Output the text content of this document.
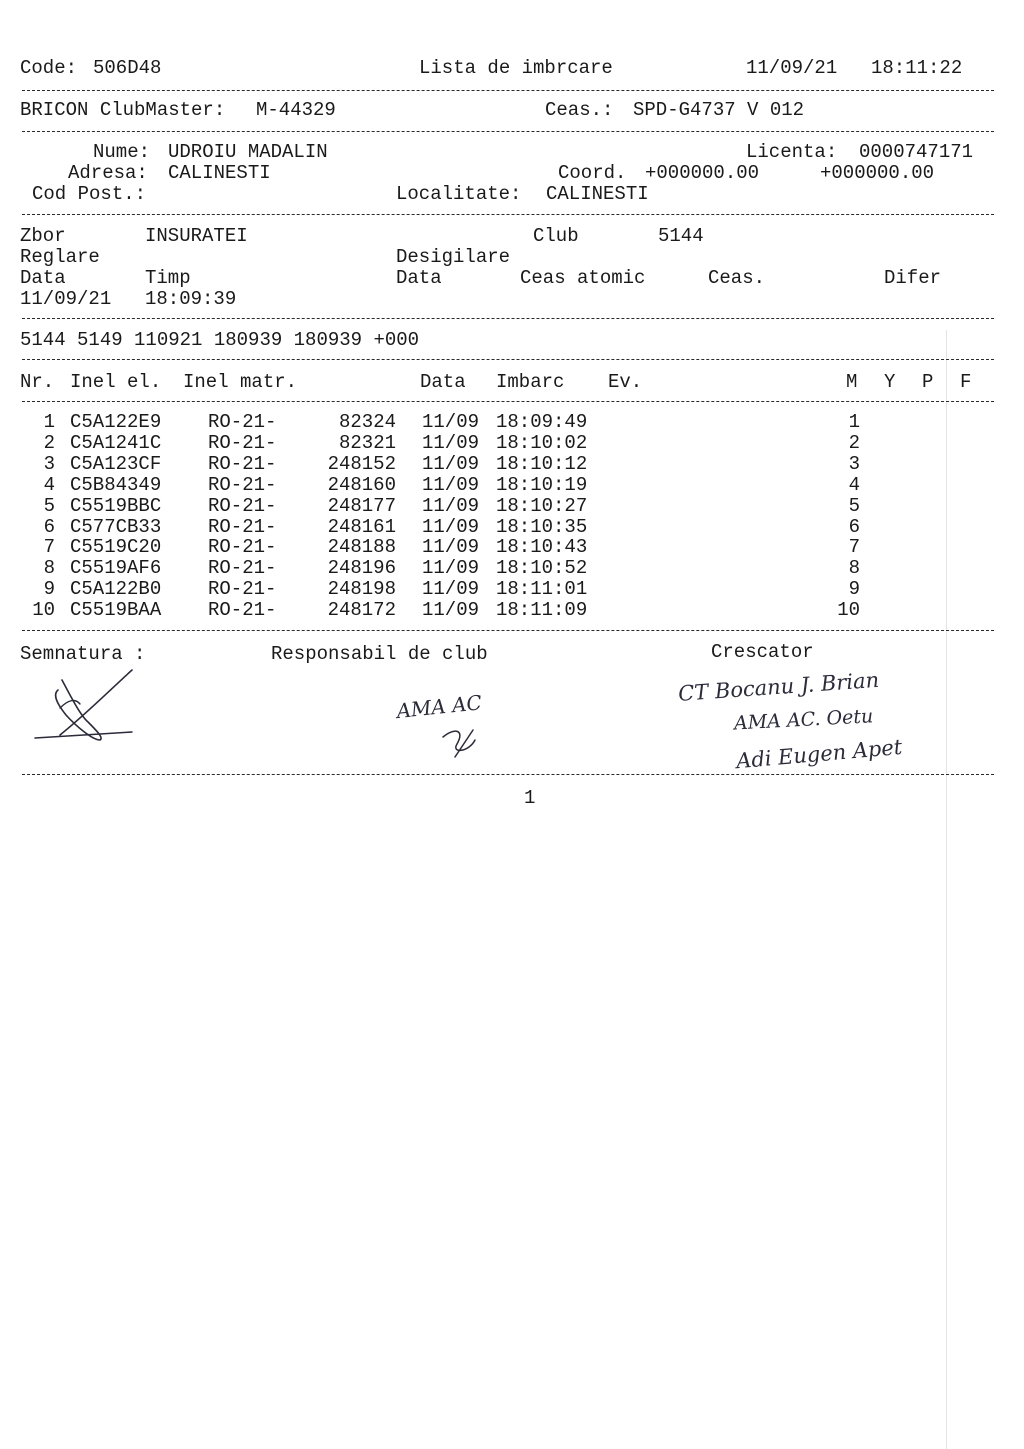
Code: 506D48	Lista de imbrcare	11/09/21 18:11:22
BRICON ClubMaster: M-44329	Ceas.: SPD-G4737 V 012
Nume: UDROIU MADALIN	Licenta: 0000747171
Adresa: CALINESTI	Coord. +000000.00	+000000.00
Cod Post.:	Localitate: CALINESTI
Zbor	INSURATEI	Club	5144
Reglare	Desigilare
Data	Timp	Data	Ceas atomic	Ceas.	Difer
11/09/21 18:09:39
5144 5149 110921 180939 180939 +000
Nr. Inel el. Inel matr.	Data Imbarc Ev.	M Y P F
1 C5A122E9	RO-21-	82324 11/09 18:09:49	1
2 C5A1241C	RO-21-	82321 11/09 18:10:02	2
3 C5A123CF	RO-21-	248152 11/09 18:10:12	3
4 C5B84349	RO-21-	248160 11/09 18:10:19	4
5 C5519BBC	RO-21-	248177 11/09 18:10:27	5
6 C577CB33	RO-21-	248161 11/09 18:10:35	6
7 C5519C20	RO-21-	248188 11/09 18:10:43	7
8 C5519AF6	RO-21-	248196 11/09 18:10:52	8
9 C5A122B0	RO-21-	248198 11/09 18:11:01	9
10 C5519BAA	RO-21-	248172 11/09 18:11:09	10
Semnatura :	Responsabil de club	Crescator
AMA AC
CT Bocanu J. Brian
AMA AC. Oetu
Adi Eugen Apet
1
